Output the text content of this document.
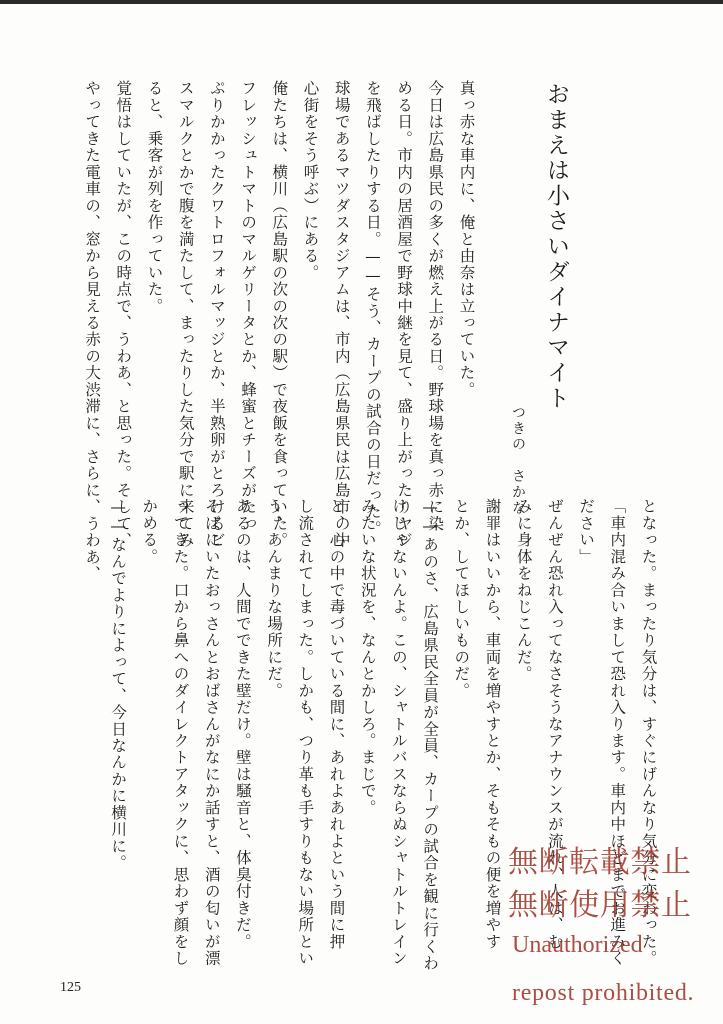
おまえは小さいダイナマイト
つきの　さかな
真っ赤な車内に、俺と由奈は立っていた。
今日は広島県民の多くが燃え上がる日。野球場を真っ赤に染
める日。市内の居酒屋で野球中継を見て、盛り上がったりヤジ
を飛ばしたりする日。——そう、カープの試合の日だった。
球場であるマツダスタジアムは、市内（広島県民は広島市の中
心街をそう呼ぶ）にある。
俺たちは、横川（広島駅の次の次の駅）で夜飯を食っていた。
フレッシュトマトのマルゲリータとか、蜂蜜とチーズがたっ
ぷりかかったクワトロフォルマッジとか、半熟卵がとろけるビ
スマルクとかで腹を満たして、まったりした気分で駅に来てみ
ると、乗客が列を作っていた。
覚悟はしていたが、この時点で、うわあ、と思った。そして、
やってきた電車の、窓から見える赤の大渋滞に、さらに、うわあ、
となった。まったり気分は、すぐにげんなり気分に変わった。
「車内混み合いまして恐れ入ります。車内中ほどまでお進みく
ださい」
ぜんぜん恐れ入ってなさそうなアナウンスが流れ、人は、む
みに身体をねじこんだ。
謝罪はいいから、車両を増やすとか、そもそもの便を増やす
とか、してほしいものだ。
——あのさ、広島県民全員が全員、カープの試合を観に行くわ
けじゃないんよ。この、シャトルバスならぬシャトルトレイン
みたいな状況を、なんとかしろ。まじで。
と、心の中で毒づいている間に、あれよあれよという間に押
し流されてしまった。しかも、つり革も手すりもない場所とい
う、あんまりな場所にだ。
あるのは、人間でできた壁だけ。壁は騒音と、体臭付きだ。
そばにいたおっさんとおばさんがなにか話すと、酒の匂いが漂
ってきた。口から鼻へのダイレクトアタックに、思わず顔をし
かめる。
——なんでよりによって、今日なんかに横川に。
125
無断転載禁止
無断使用禁止
Unauthorized
repost prohibited.
